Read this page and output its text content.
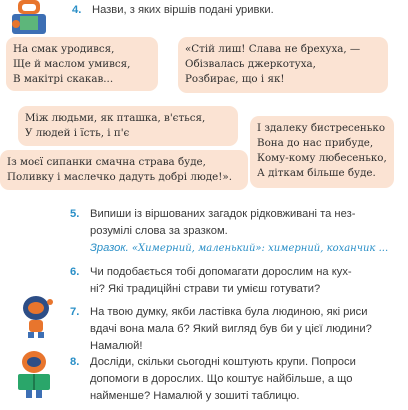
4. Назви, з яких віршів подані уривки.
На смак уродився,
Ще й маслом умився,
В макітрі скакав...
«Стій лиш! Слава не брехуха, —
Обізвалась джеркотуха,
Розбирає, що і як!
Між людьми, як пташка, в'ється,
У людей і їсть, і п'є	І здалеку бистресенько
Вона до нас прибуде,
Кому-кому любесенько,
А діткам більше буде.
Із моєї сипанки смачна страва буде,
Поливку і маслечко дадуть добрі люде!».
5. Випиши із віршованих загадок рідковживані та нез-
розумілі слова за зразком.
Зразок. «Химерний, маленький»: химерний, коханчик ...
6. Чи подобається тобі допомагати дорослим на кух-
ні? Які традиційні страви ти умієш готувати?
7. На твою думку, якби ластівка була людиною, які риси
вдачі вона мала б? Який вигляд був би у цієї людини?
Намалюй!
8. Досліди, скільки сьогодні коштують крупи. Попроси
допомоги в дорослих. Що коштує найбільше, а що
найменше? Намалюй у зошиті таблицю.
